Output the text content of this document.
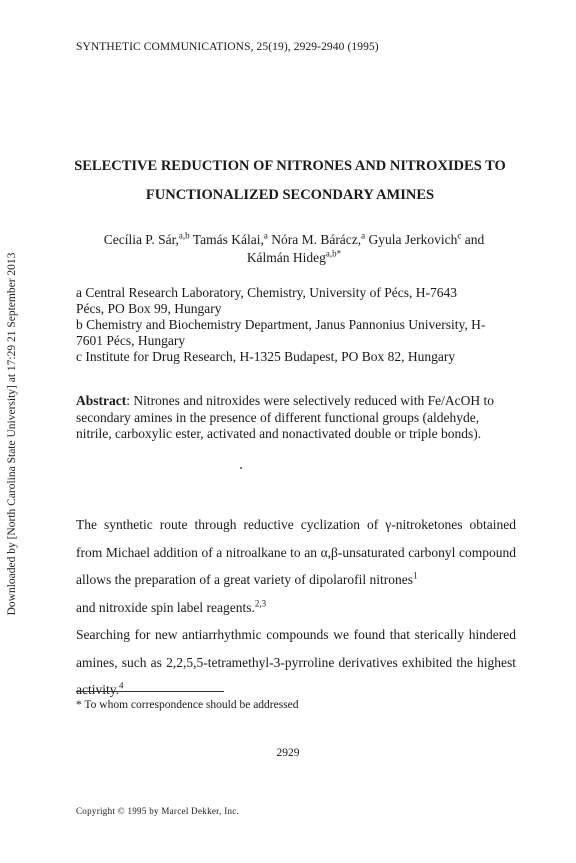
SYNTHETIC COMMUNICATIONS, 25(19), 2929-2940 (1995)
Downloaded by [North Carolina State University] at 17:29 21 September 2013
SELECTIVE REDUCTION OF NITRONES AND NITROXIDES TO
FUNCTIONALIZED SECONDARY AMINES

Cecília P. Sár,$^{a,b}$ Tamás Kálai,$^a$ Nóra M. Bárácz,$^a$ Gyula Jerkovich$^c$ and
Kálmán Hideg$^{a,b*}$

a Central Research Laboratory, Chemistry, University of Pécs, H-7643
Pécs, PO Box 99, Hungary

b Chemistry and Biochemistry Department, Janus Pannonius University, H-
7601 Pécs, Hungary

c Institute for Drug Research, H-1325 Budapest, PO Box 82, Hungary

Abstract: Nitrones and nitroxides were selectively reduced with Fe/AcOH to secondary amines in the presence of different functional groups (aldehyde, nitrile, carboxylic ester, activated and nonactivated double or triple bonds).

The synthetic route through reductive cyclization of γ-nitroketones obtained from Michael addition of a nitroalkane to an α,β-unsaturated carbonyl compound allows the preparation of a great variety of dipolarofil nitrones$^1$
and nitroxide spin label reagents.$^{2,3}$

Searching for new antiarrhythmic compounds we found that sterically hindered amines, such as 2,2,5,5-tetramethyl-3-pyrroline derivatives exhibited the highest activity.$^4$

* To whom correspondence should be addressed
2929
Copyright © 1995 by Marcel Dekker, Inc.
